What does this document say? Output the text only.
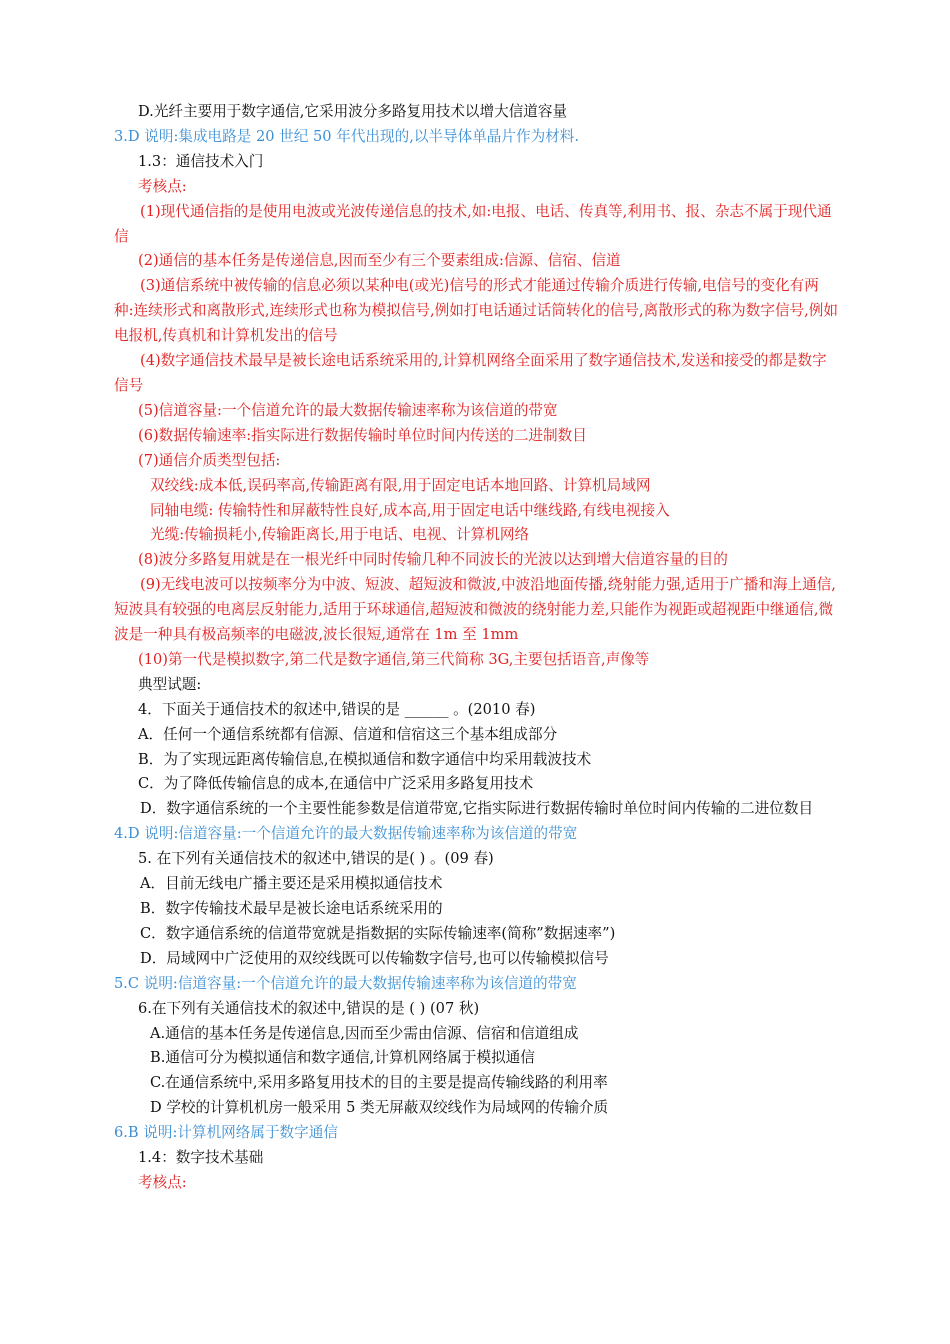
D.光纤主要用于数字通信,它采用波分多路复用技术以增大信道容量
3.D 说明:集成电路是 20 世纪 50 年代出现的,以半导体单晶片作为材料.
1.3：通信技术入门
考核点:
(1)现代通信指的是使用电波或光波传递信息的技术,如:电报、电话、传真等,利用书、报、杂志不属于现代通信
(2)通信的基本任务是传递信息,因而至少有三个要素组成:信源、信宿、信道
(3)通信系统中被传输的信息必须以某种电(或光)信号的形式才能通过传输介质进行传输,电信号的变化有两种:连续形式和离散形式,连续形式也称为模拟信号,例如打电话通过话筒转化的信号,离散形式的称为数字信号,例如电报机,传真机和计算机发出的信号
(4)数字通信技术最早是被长途电话系统采用的,计算机网络全面采用了数字通信技术,发送和接受的都是数字信号
(5)信道容量:一个信道允许的最大数据传输速率称为该信道的带宽
(6)数据传输速率:指实际进行数据传输时单位时间内传送的二进制数目
(7)通信介质类型包括:
双绞线:成本低,误码率高,传输距离有限,用于固定电话本地回路、计算机局域网
同轴电缆: 传输特性和屏蔽特性良好,成本高,用于固定电话中继线路,有线电视接入
光缆:传输损耗小,传输距离长,用于电话、电视、计算机网络
(8)波分多路复用就是在一根光纤中同时传输几种不同波长的光波以达到增大信道容量的目的
(9)无线电波可以按频率分为中波、短波、超短波和微波,中波沿地面传播,绕射能力强,适用于广播和海上通信,短波具有较强的电离层反射能力,适用于环球通信,超短波和微波的绕射能力差,只能作为视距或超视距中继通信,微波是一种具有极高频率的电磁波,波长很短,通常在 1m 至 1mm
(10)第一代是模拟数字,第二代是数字通信,第三代简称 3G,主要包括语音,声像等
典型试题:
4．下面关于通信技术的叙述中,错误的是 ______ 。(2010 春)
A．任何一个通信系统都有信源、信道和信宿这三个基本组成部分
B．为了实现远距离传输信息,在模拟通信和数字通信中均采用载波技术
C．为了降低传输信息的成本,在通信中广泛采用多路复用技术
D．数字通信系统的一个主要性能参数是信道带宽,它指实际进行数据传输时单位时间内传输的二进位数目
4.D 说明:信道容量:一个信道允许的最大数据传输速率称为该信道的带宽
5. 在下列有关通信技术的叙述中,错误的是( ) 。(09 春)
A．目前无线电广播主要还是采用模拟通信技术
B．数字传输技术最早是被长途电话系统采用的
C．数字通信系统的信道带宽就是指数据的实际传输速率(简称”数据速率”)
D．局域网中广泛使用的双绞线既可以传输数字信号,也可以传输模拟信号
5.C 说明:信道容量:一个信道允许的最大数据传输速率称为该信道的带宽
6.在下列有关通信技术的叙述中,错误的是 ( ) (07 秋)
A.通信的基本任务是传递信息,因而至少需由信源、信宿和信道组成
B.通信可分为模拟通信和数字通信,计算机网络属于模拟通信
C.在通信系统中,采用多路复用技术的目的主要是提高传输线路的利用率
D 学校的计算机机房一般采用 5 类无屏蔽双绞线作为局域网的传输介质
6.B 说明:计算机网络属于数字通信
1.4：数字技术基础
考核点:
